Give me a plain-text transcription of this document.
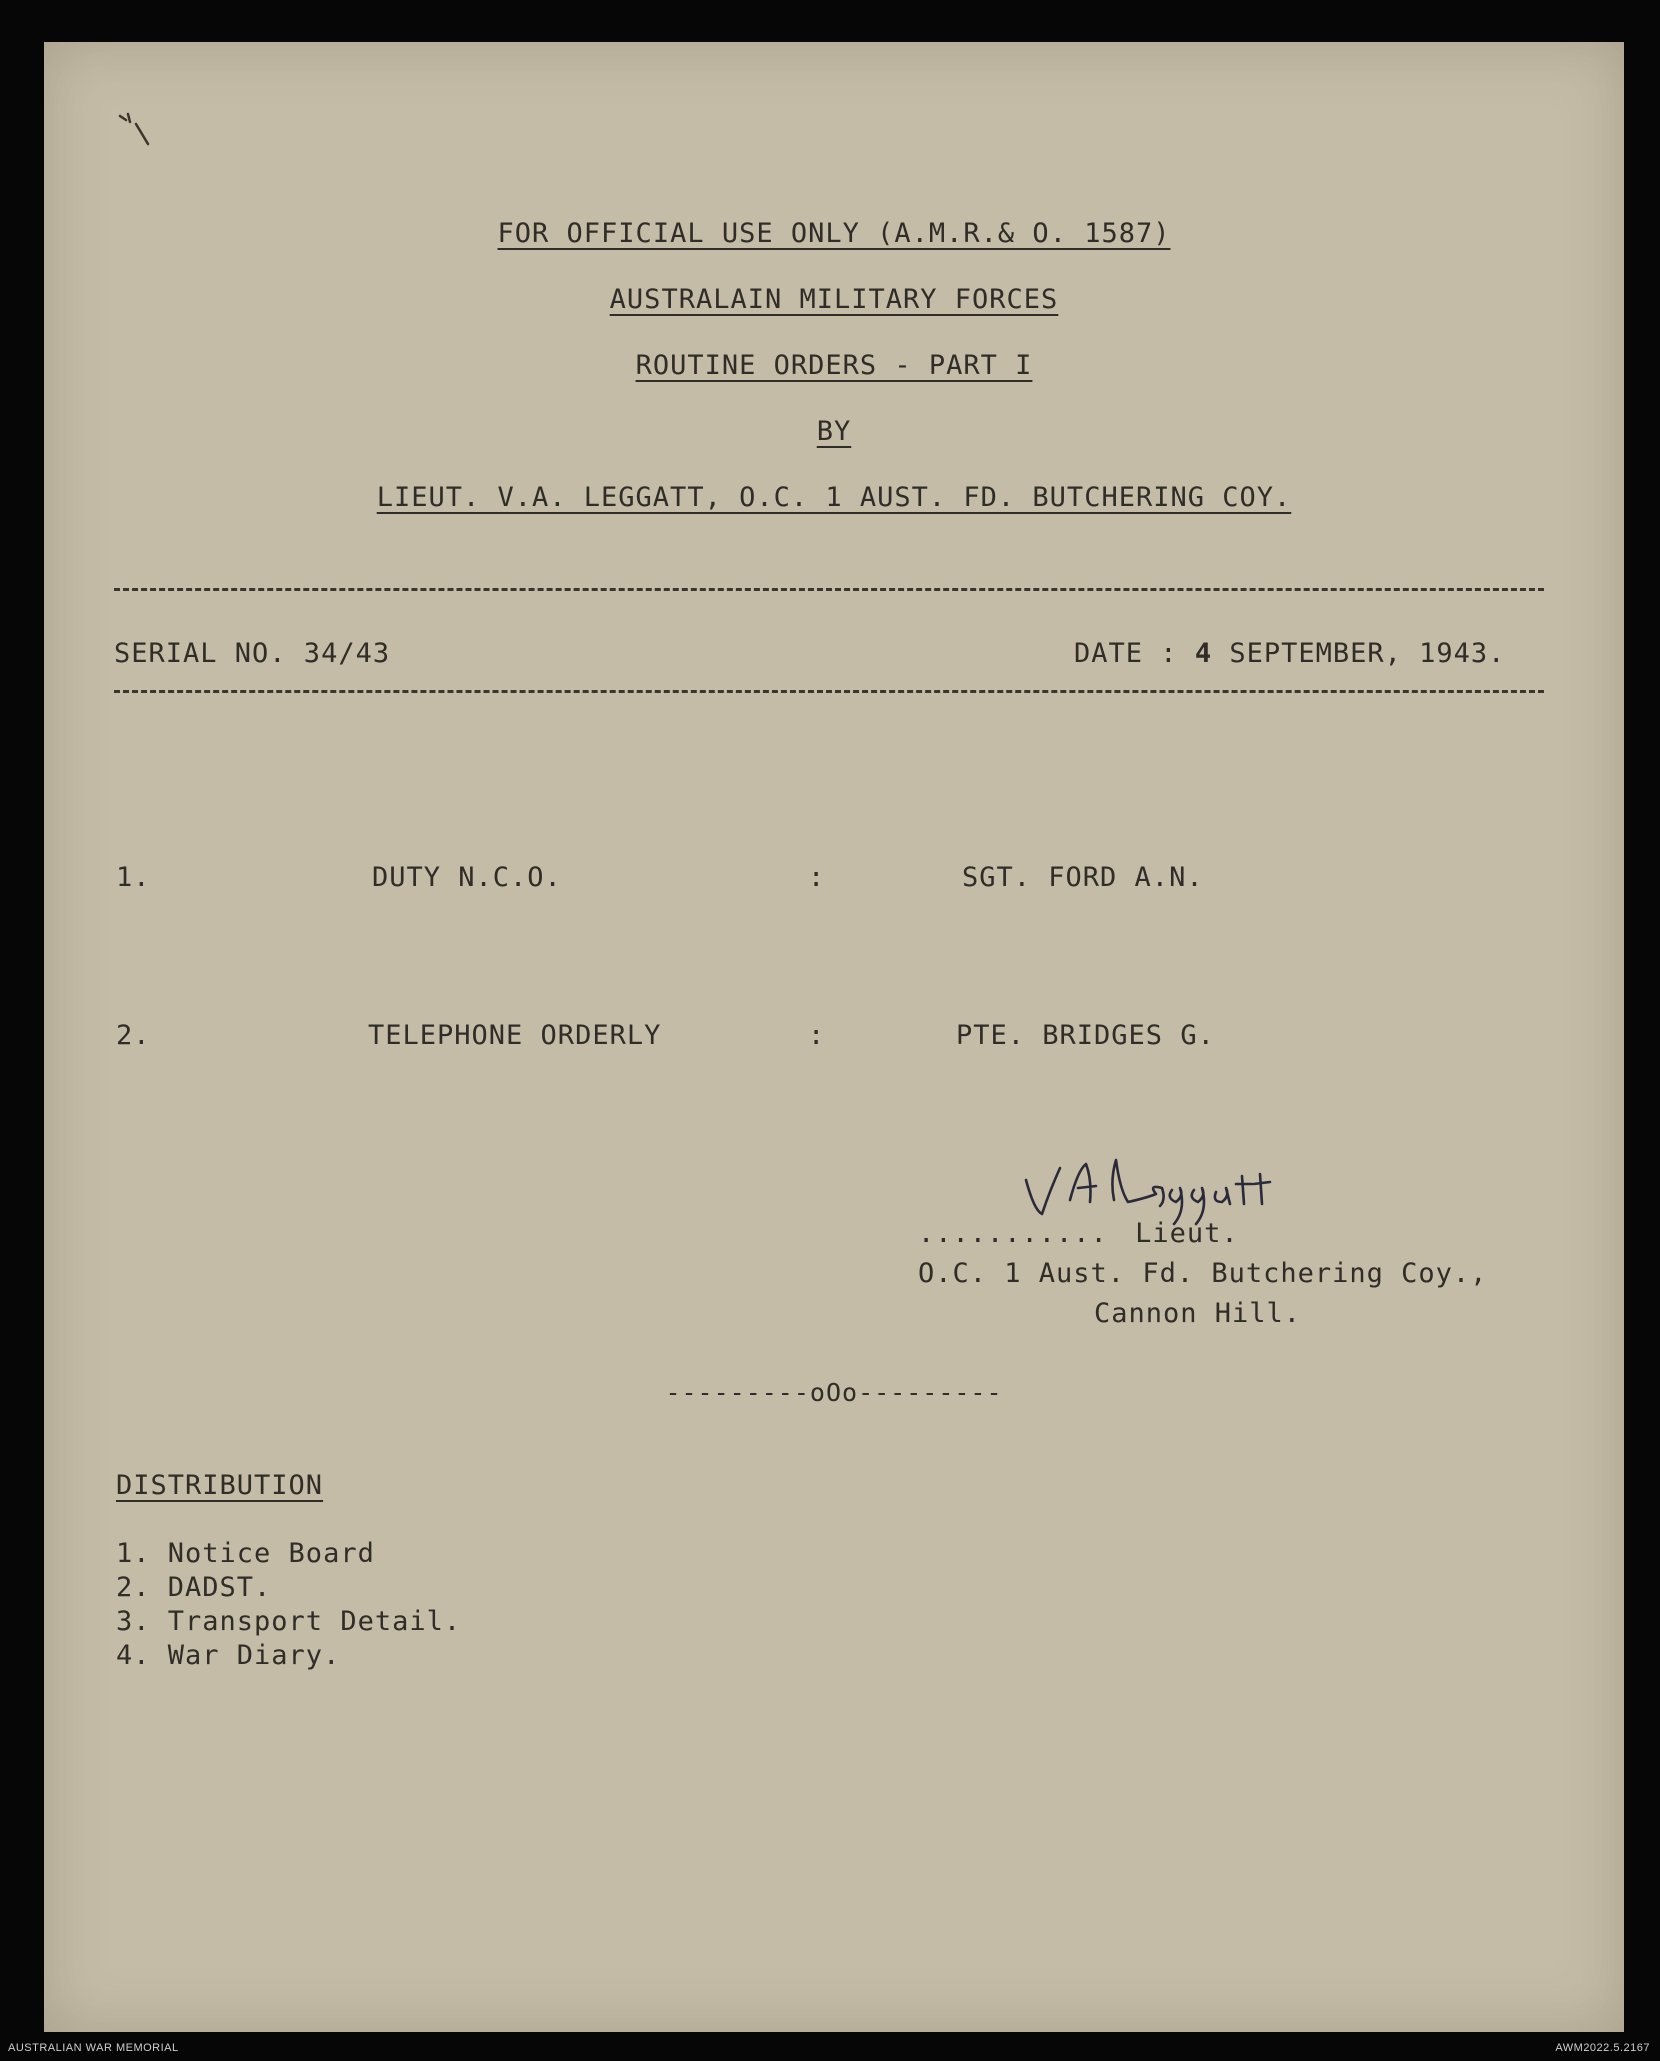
FOR OFFICIAL USE ONLY (A.M.R.& O. 1587)
AUSTRALAIN MILITARY FORCES
ROUTINE ORDERS - PART I
BY
LIEUT. V.A. LEGGATT, O.C. 1 AUST. FD. BUTCHERING COY.
SERIAL NO. 34/43	DATE : 4 SEPTEMBER, 1943.
1.	DUTY N.C.O.	:	SGT. FORD A.N.
2.	TELEPHONE ORDERLY	:	PTE. BRIDGES G.
........... Lieut.
O.C. 1 Aust. Fd. Butchering Coy.,
Cannon Hill.
---------oOo---------
DISTRIBUTION
1. Notice Board
2. DADST.
3. Transport Detail.
4. War Diary.
AUSTRALIAN WAR MEMORIAL	AWM2022.5.2167
